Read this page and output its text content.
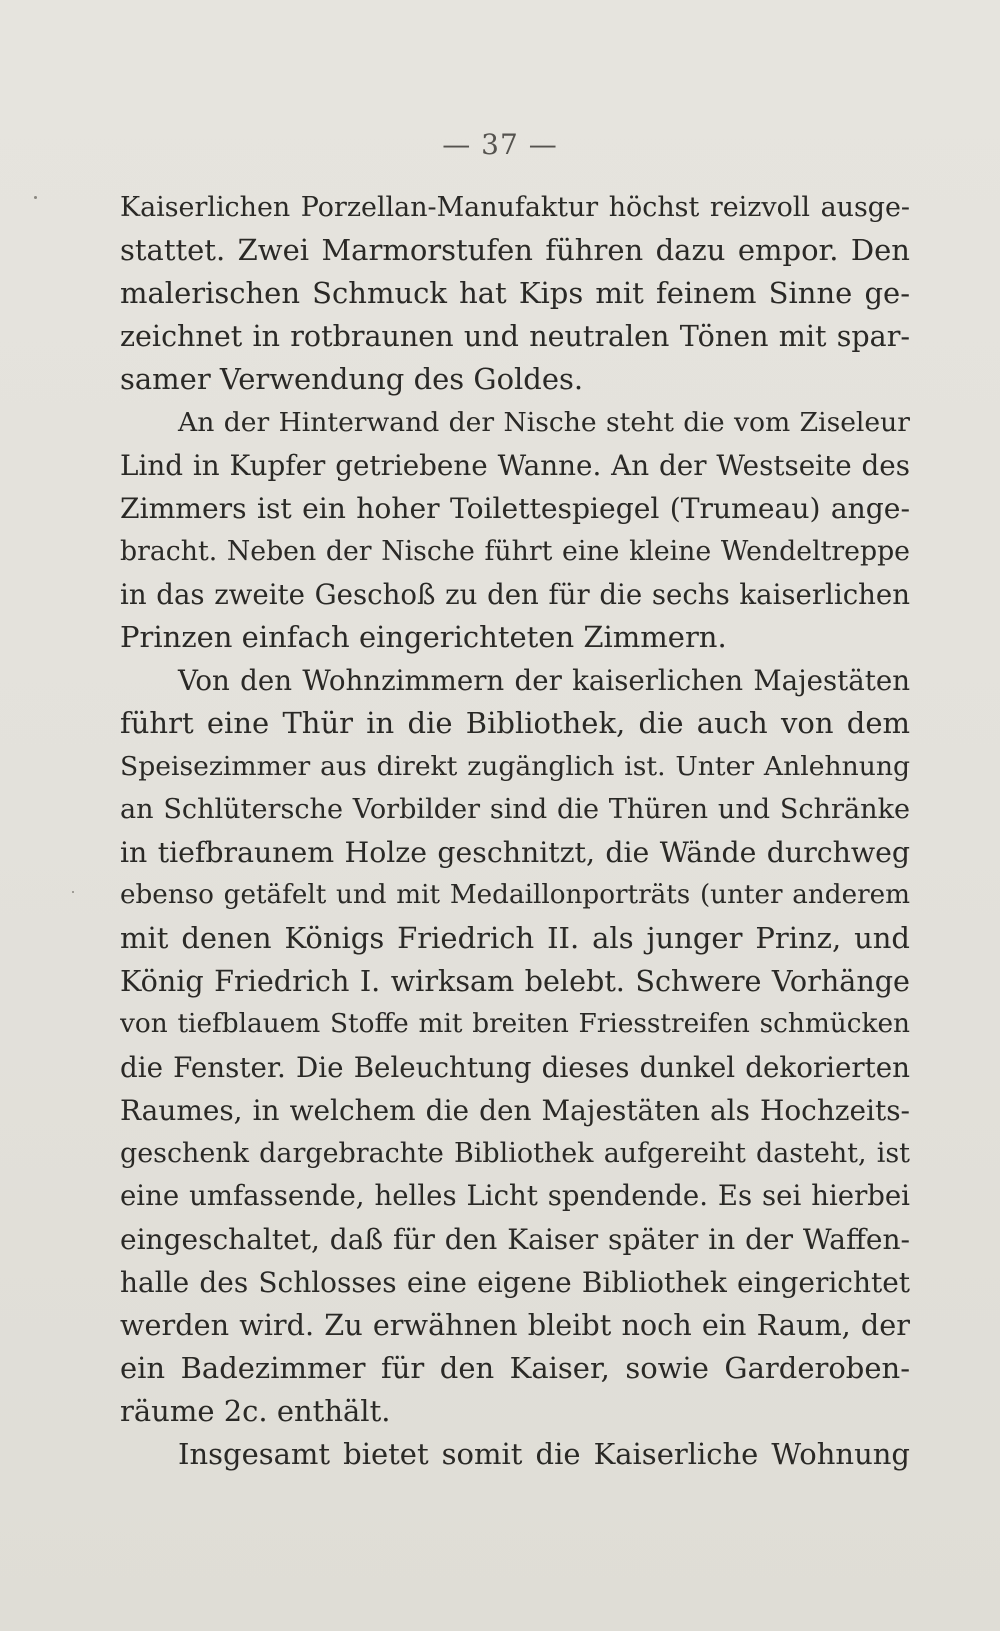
— 37 —
Kaiserlichen Porzellan-Manufaktur höchst reizvoll ausge-
stattet. Zwei Marmorstufen führen dazu empor. Den
malerischen Schmuck hat Kips mit feinem Sinne ge-
zeichnet in rotbraunen und neutralen Tönen mit spar-
samer Verwendung des Goldes.
An der Hinterwand der Nische steht die vom Ziseleur
Lind in Kupfer getriebene Wanne. An der Westseite des
Zimmers ist ein hoher Toilettespiegel (Trumeau) ange-
bracht. Neben der Nische führt eine kleine Wendeltreppe
in das zweite Geschoß zu den für die sechs kaiserlichen
Prinzen einfach eingerichteten Zimmern.
Von den Wohnzimmern der kaiserlichen Majestäten
führt eine Thür in die Bibliothek, die auch von dem
Speisezimmer aus direkt zugänglich ist. Unter Anlehnung
an Schlütersche Vorbilder sind die Thüren und Schränke
in tiefbraunem Holze geschnitzt, die Wände durchweg
ebenso getäfelt und mit Medaillonporträts (unter anderem
mit denen Königs Friedrich II. als junger Prinz, und
König Friedrich I. wirksam belebt. Schwere Vorhänge
von tiefblauem Stoffe mit breiten Friesstreifen schmücken
die Fenster. Die Beleuchtung dieses dunkel dekorierten
Raumes, in welchem die den Majestäten als Hochzeits-
geschenk dargebrachte Bibliothek aufgereiht dasteht, ist
eine umfassende, helles Licht spendende. Es sei hierbei
eingeschaltet, daß für den Kaiser später in der Waffen-
halle des Schlosses eine eigene Bibliothek eingerichtet
werden wird. Zu erwähnen bleibt noch ein Raum, der
ein Badezimmer für den Kaiser, sowie Garderoben-
räume 2c. enthält.
Insgesamt bietet somit die Kaiserliche Wohnung
